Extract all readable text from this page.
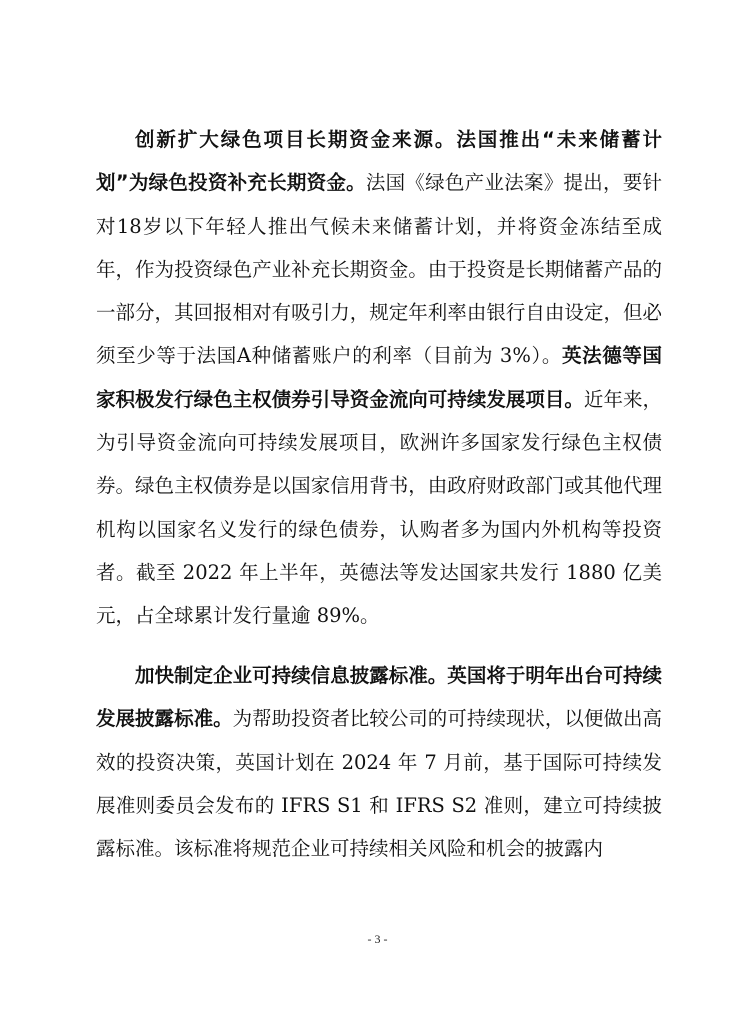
创新扩大绿色项目长期资金来源。法国推出“未来储蓄计划”为绿色投资补充长期资金。法国《绿色产业法案》提出，要针对18岁以下年轻人推出气候未来储蓄计划，并将资金冻结至成年，作为投资绿色产业补充长期资金。由于投资是长期储蓄产品的一部分，其回报相对有吸引力，规定年利率由银行自由设定，但必须至少等于法国A种储蓄账户的利率（目前为 3%）。英法德等国家积极发行绿色主权债券引导资金流向可持续发展项目。近年来，为引导资金流向可持续发展项目，欧洲许多国家发行绿色主权债券。绿色主权债券是以国家信用背书，由政府财政部门或其他代理机构以国家名义发行的绿色债券，认购者多为国内外机构等投资者。截至 2022 年上半年，英德法等发达国家共发行 1880 亿美元，占全球累计发行量逾 89%。

加快制定企业可持续信息披露标准。英国将于明年出台可持续发展披露标准。为帮助投资者比较公司的可持续现状，以便做出高效的投资决策，英国计划在 2024 年 7 月前，基于国际可持续发展准则委员会发布的 IFRS S1 和 IFRS S2 准则，建立可持续披露标准。该标准将规范企业可持续相关风险和机会的披露内

- 3 -
